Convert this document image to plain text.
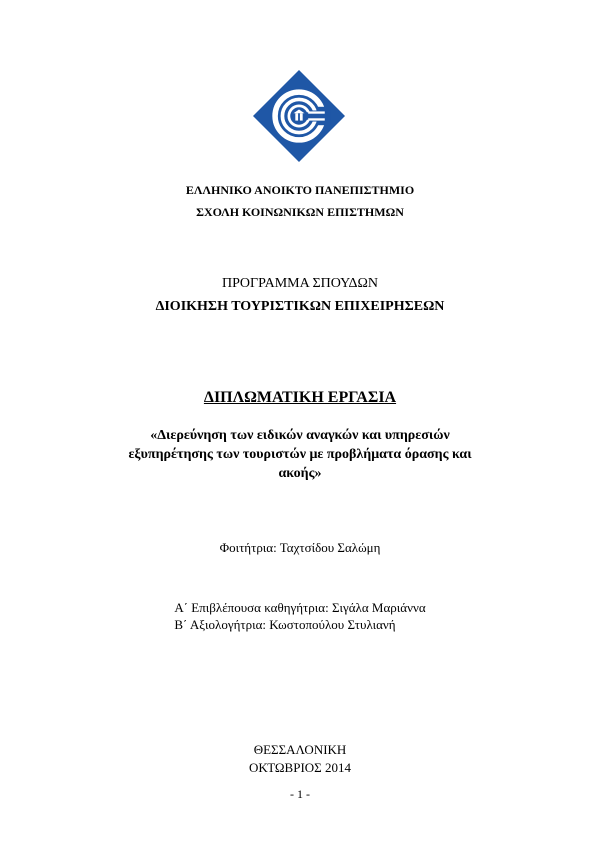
ΕΛΛΗΝΙΚΟ ΑΝΟΙΚΤΟ ΠΑΝΕΠΙΣΤΗΜΙΟ
ΣΧΟΛΗ ΚΟΙΝΩΝΙΚΩΝ ΕΠΙΣΤΗΜΩΝ
ΠΡΟΓΡΑΜΜΑ ΣΠΟΥΔΩΝ
ΔΙΟΙΚΗΣΗ ΤΟΥΡΙΣΤΙΚΩΝ ΕΠΙΧΕΙΡΗΣΕΩΝ
ΔΙΠΛΩΜΑΤΙΚΗ ΕΡΓΑΣΙΑ
«Διερεύνηση των ειδικών αναγκών και υπηρεσιών
εξυπηρέτησης των τουριστών με προβλήματα όρασης και
ακοής»
Φοιτήτρια: Ταχτσίδου Σαλώμη
Α΄ Επιβλέπουσα καθηγήτρια: Σιγάλα Μαριάννα
Β΄ Αξιολογήτρια: Κωστοπούλου Στυλιανή
ΘΕΣΣΑΛΟΝΙΚΗ
ΟΚΤΩΒΡΙΟΣ 2014
- 1 -
